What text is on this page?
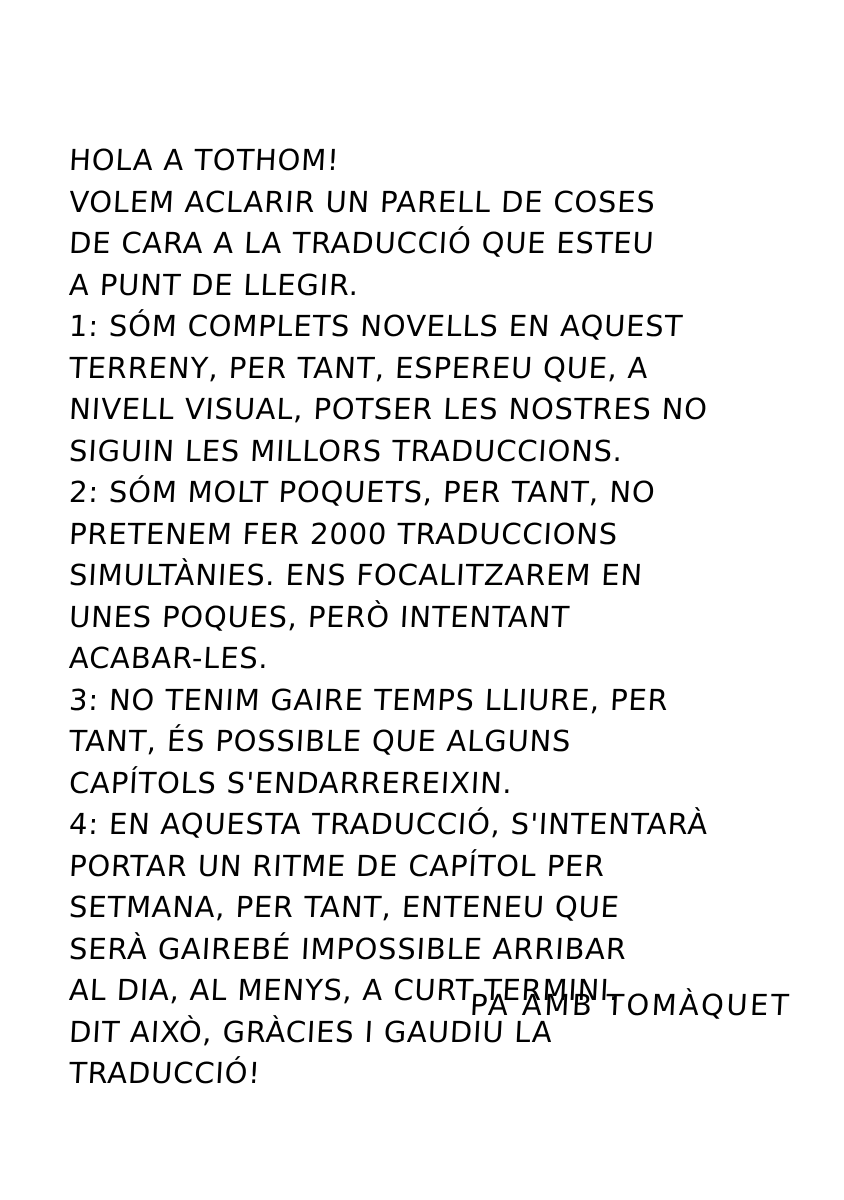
HOLA A TOTHOM!
VOLEM ACLARIR UN PARELL DE COSES
DE CARA A LA TRADUCCIÓ QUE ESTEU
A PUNT DE LLEGIR.
1: SÓM COMPLETS NOVELLS EN AQUEST
TERRENY, PER TANT, ESPEREU QUE, A
NIVELL VISUAL, POTSER LES NOSTRES NO
SIGUIN LES MILLORS TRADUCCIONS.
2: SÓM MOLT POQUETS, PER TANT, NO
PRETENEM FER 2000 TRADUCCIONS
SIMULTÀNIES. ENS FOCALITZAREM EN
UNES POQUES, PERÒ INTENTANT
ACABAR-LES.
3: NO TENIM GAIRE TEMPS LLIURE, PER
TANT, ÉS POSSIBLE QUE ALGUNS
CAPÍTOLS S'ENDARREREIXIN.
4: EN AQUESTA TRADUCCIÓ, S'INTENTARÀ
PORTAR UN RITME DE CAPÍTOL PER
SETMANA, PER TANT, ENTENEU QUE
SERÀ GAIREBÉ IMPOSSIBLE ARRIBAR
AL DIA, AL MENYS, A CURT TERMINI.
DIT AIXÒ, GRÀCIES I GAUDIU LA
TRADUCCIÓ!
PA AMB TOMÀQUET
